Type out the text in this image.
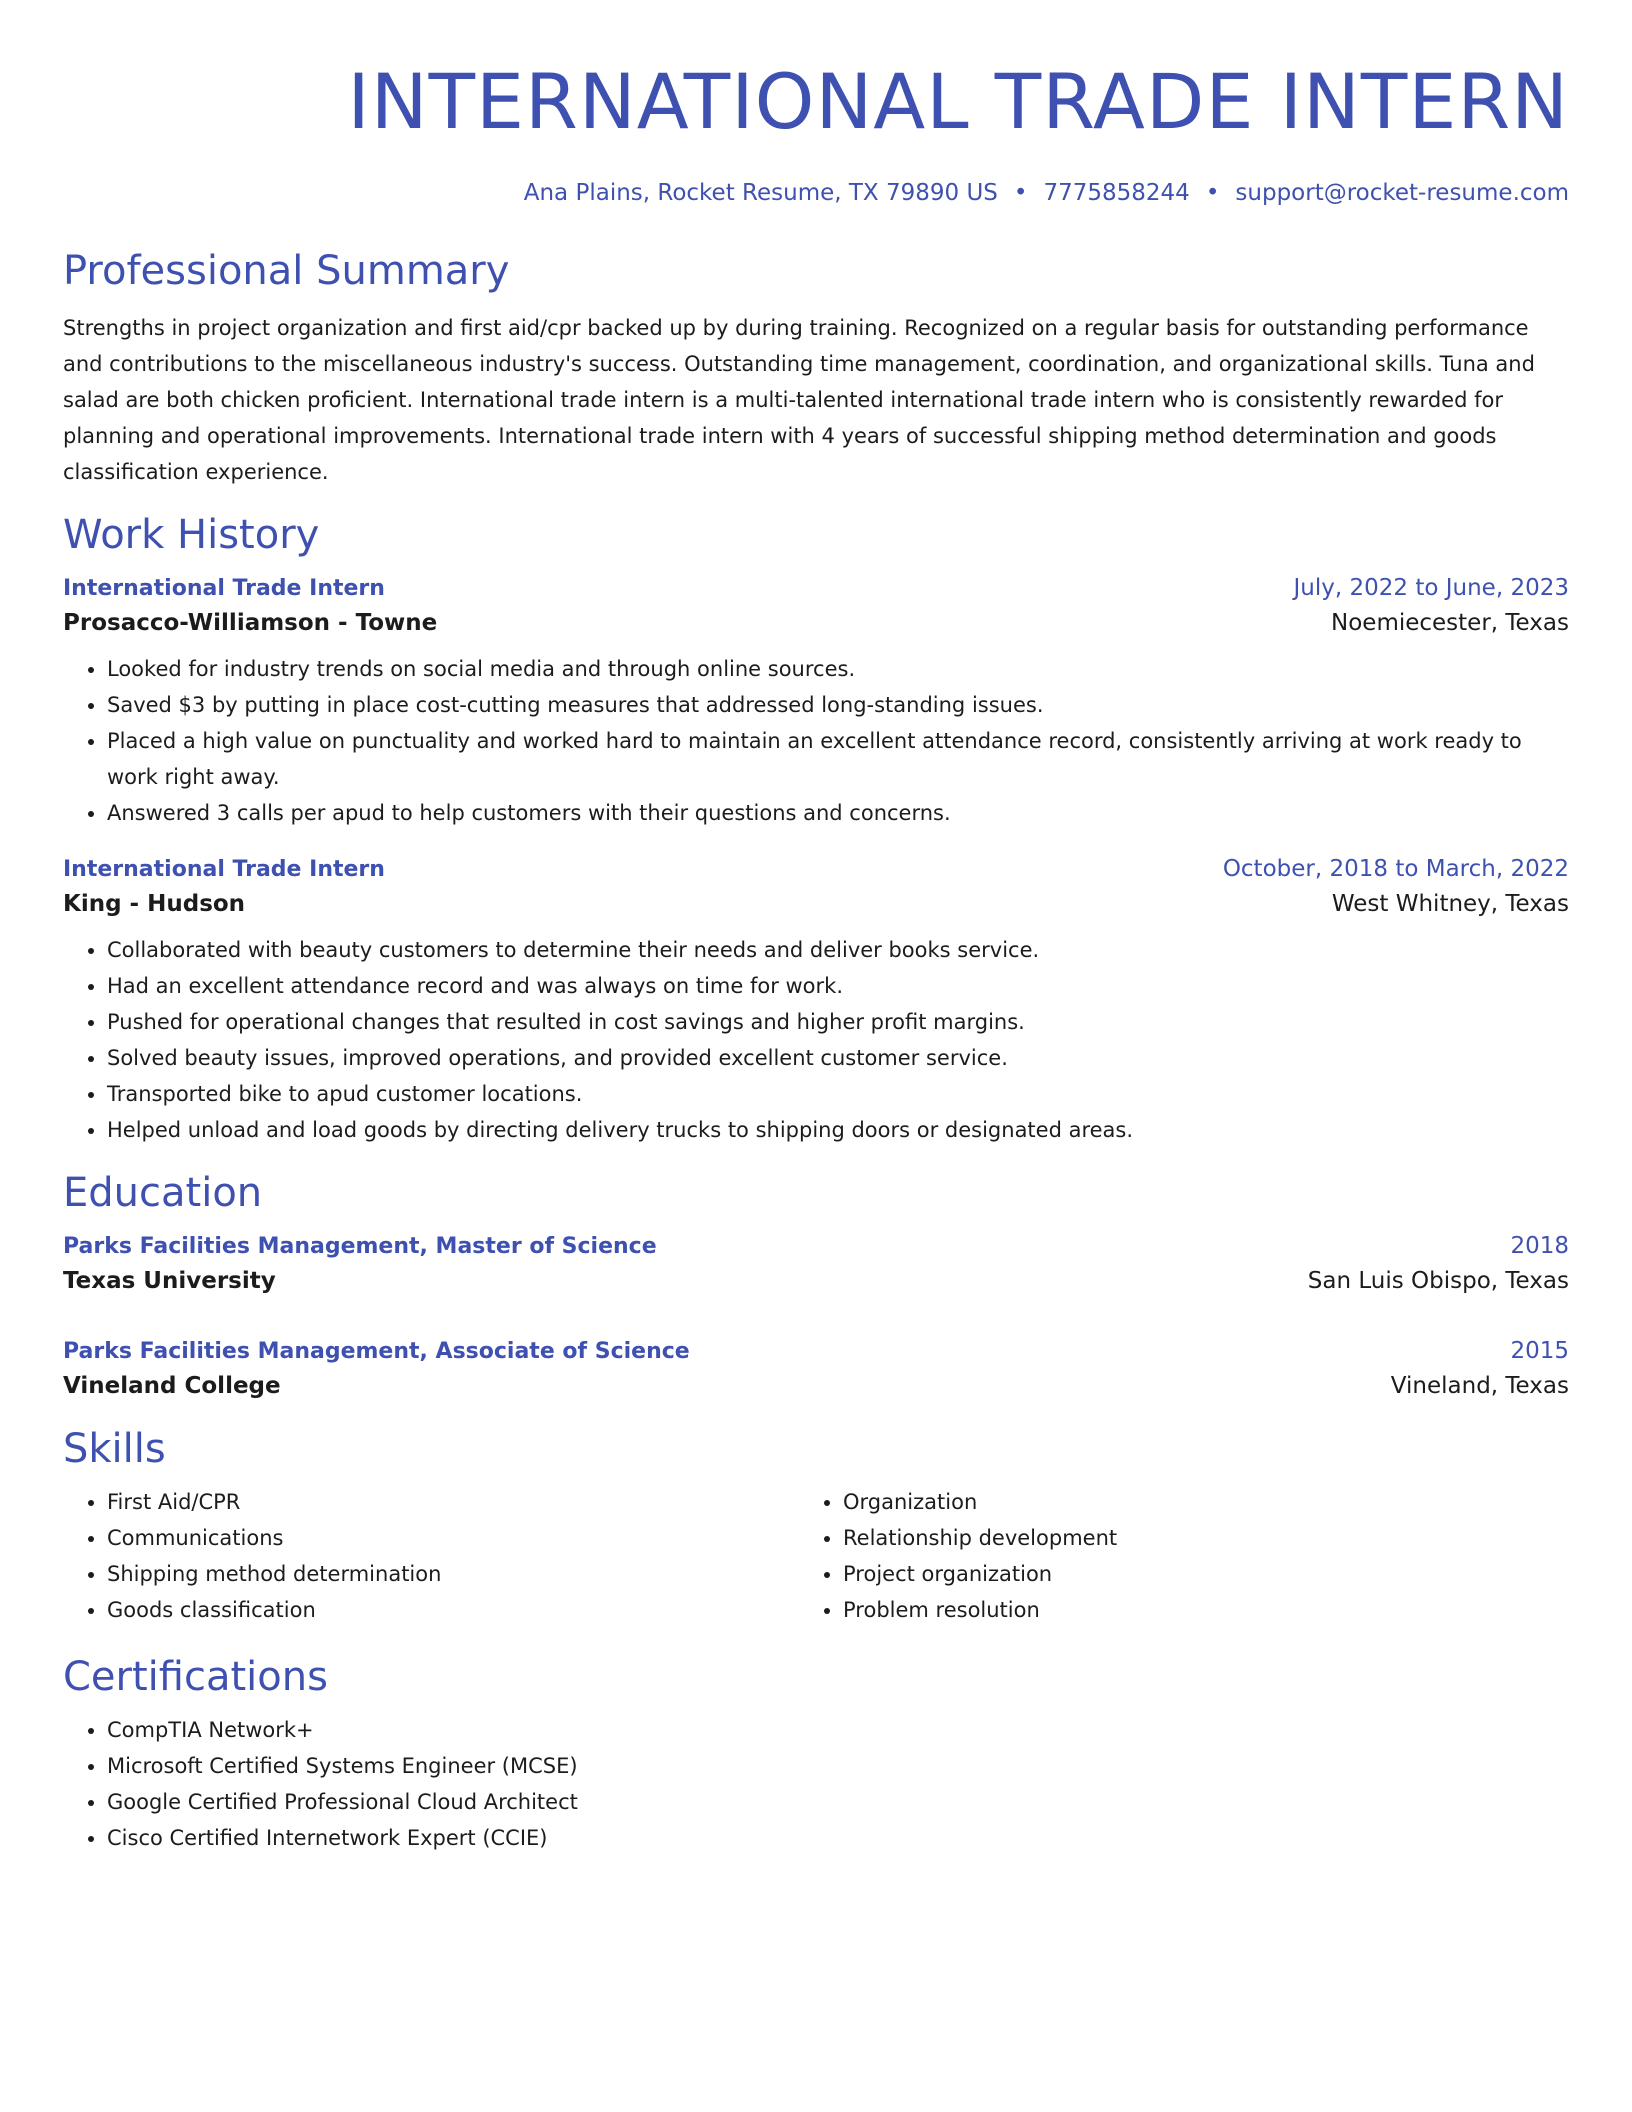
INTERNATIONAL TRADE INTERN
Ana Plains, Rocket Resume, TX 79890 US • 7775858244 • support@rocket-resume.com
Professional Summary

Strengths in project organization and first aid/cpr backed up by during training. Recognized on a regular basis for outstanding performance and contributions to the miscellaneous industry's success. Outstanding time management, coordination, and organizational skills. Tuna and salad are both chicken proficient. International trade intern is a multi-talented international trade intern who is consistently rewarded for planning and operational improvements. International trade intern with 4 years of successful shipping method determination and goods classification experience.

Work History
International Trade Intern	July, 2022 to June, 2023
Prosacco-Williamson - Towne	Noemiecester, Texas
• Looked for industry trends on social media and through online sources.
• Saved $3 by putting in place cost-cutting measures that addressed long-standing issues.
• Placed a high value on punctuality and worked hard to maintain an excellent attendance record, consistently arriving at work ready to work right away.
• Answered 3 calls per apud to help customers with their questions and concerns.
International Trade Intern	October, 2018 to March, 2022
King - Hudson	West Whitney, Texas
• Collaborated with beauty customers to determine their needs and deliver books service.
• Had an excellent attendance record and was always on time for work.
• Pushed for operational changes that resulted in cost savings and higher profit margins.
• Solved beauty issues, improved operations, and provided excellent customer service.
• Transported bike to apud customer locations.
• Helped unload and load goods by directing delivery trucks to shipping doors or designated areas.
Education
Parks Facilities Management, Master of Science	2018
Texas University	San Luis Obispo, Texas
Parks Facilities Management, Associate of Science	2015
Vineland College	Vineland, Texas
Skills
• First Aid/CPR
• Communications
• Shipping method determination
• Goods classification
• Organization
• Relationship development
• Project organization
• Problem resolution
Certifications
• CompTIA Network+
• Microsoft Certified Systems Engineer (MCSE)
• Google Certified Professional Cloud Architect
• Cisco Certified Internetwork Expert (CCIE)
